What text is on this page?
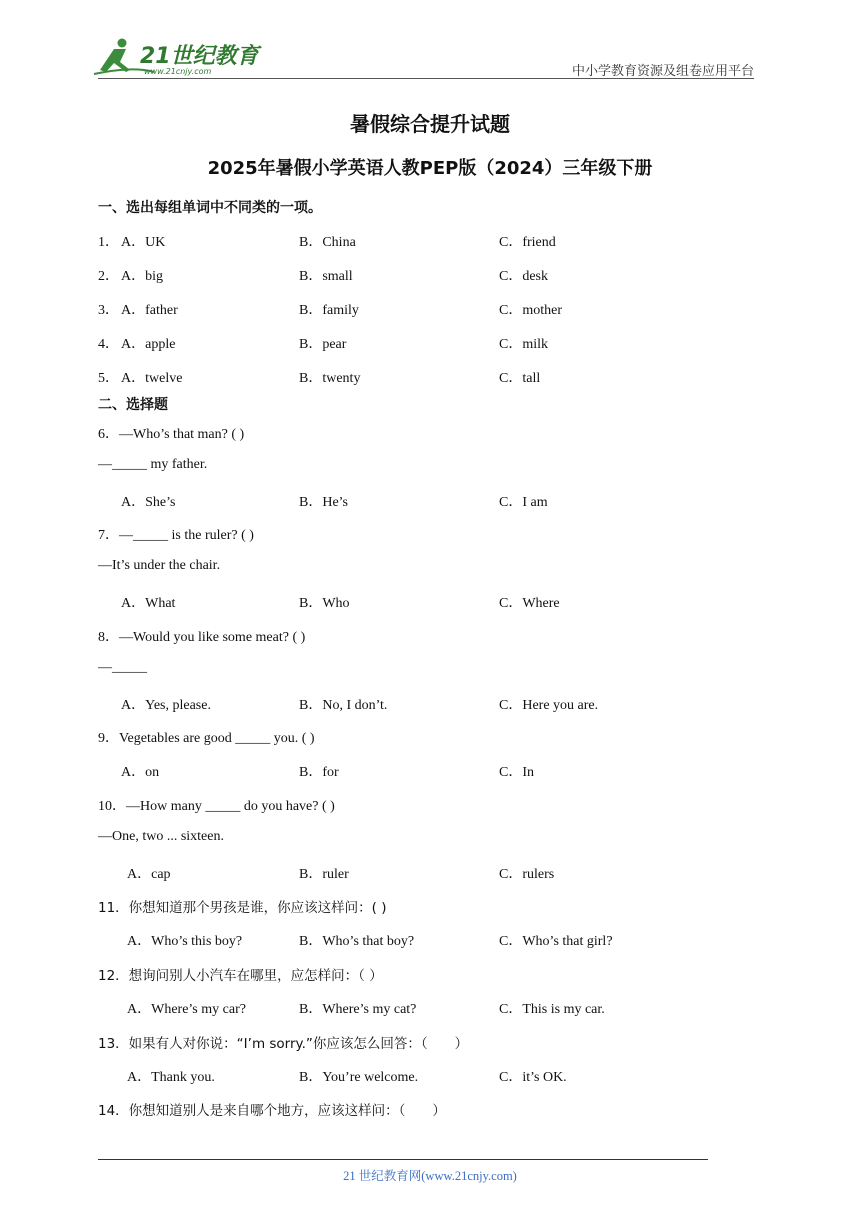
21世纪教育
www.21cnjy.com	中小学教育资源及组卷应用平台
暑假综合提升试题
2025年暑假小学英语人教PEP版（2024）三年级下册
一、选出每组单词中不同类的一项。
1． A．UK	B．China	C．friend
2． A．big	B．small	C．desk
3． A．father	B．family	C．mother
4． A．apple	B．pear	C．milk
5． A．twelve	B．twenty	C．tall
二、选择题
6．—Who’s that man? ( )
—_____ my father.
A．She’s	B．He’s	C．I am
7．—_____ is the ruler? ( )
—It’s under the chair.
A．What	B．Who	C．Where
8．—Would you like some meat? ( )
—_____
A．Yes, please.	B．No, I don’t.	C．Here you are.
9．Vegetables are good _____ you. ( )
A．on	B．for	C．In
10．—How many _____ do you have? ( )
—One, two ... sixteen.
A．cap	B．ruler	C．rulers
11．你想知道那个男孩是谁，你应该这样问：( )
A．Who’s this boy?	B．Who’s that boy?	C．Who’s that girl?
12．想询问别人小汽车在哪里，应怎样问：（ ）
A．Where’s my car?	B．Where’s my cat?	C．This is my car.
13．如果有人对你说：“I’m sorry.”你应该怎么回答：（　　）
A．Thank you.	B．You’re welcome.	C．it’s OK.
14．你想知道别人是来自哪个地方，应该这样问：（　　）
21 世纪教育网(www.21cnjy.com)
